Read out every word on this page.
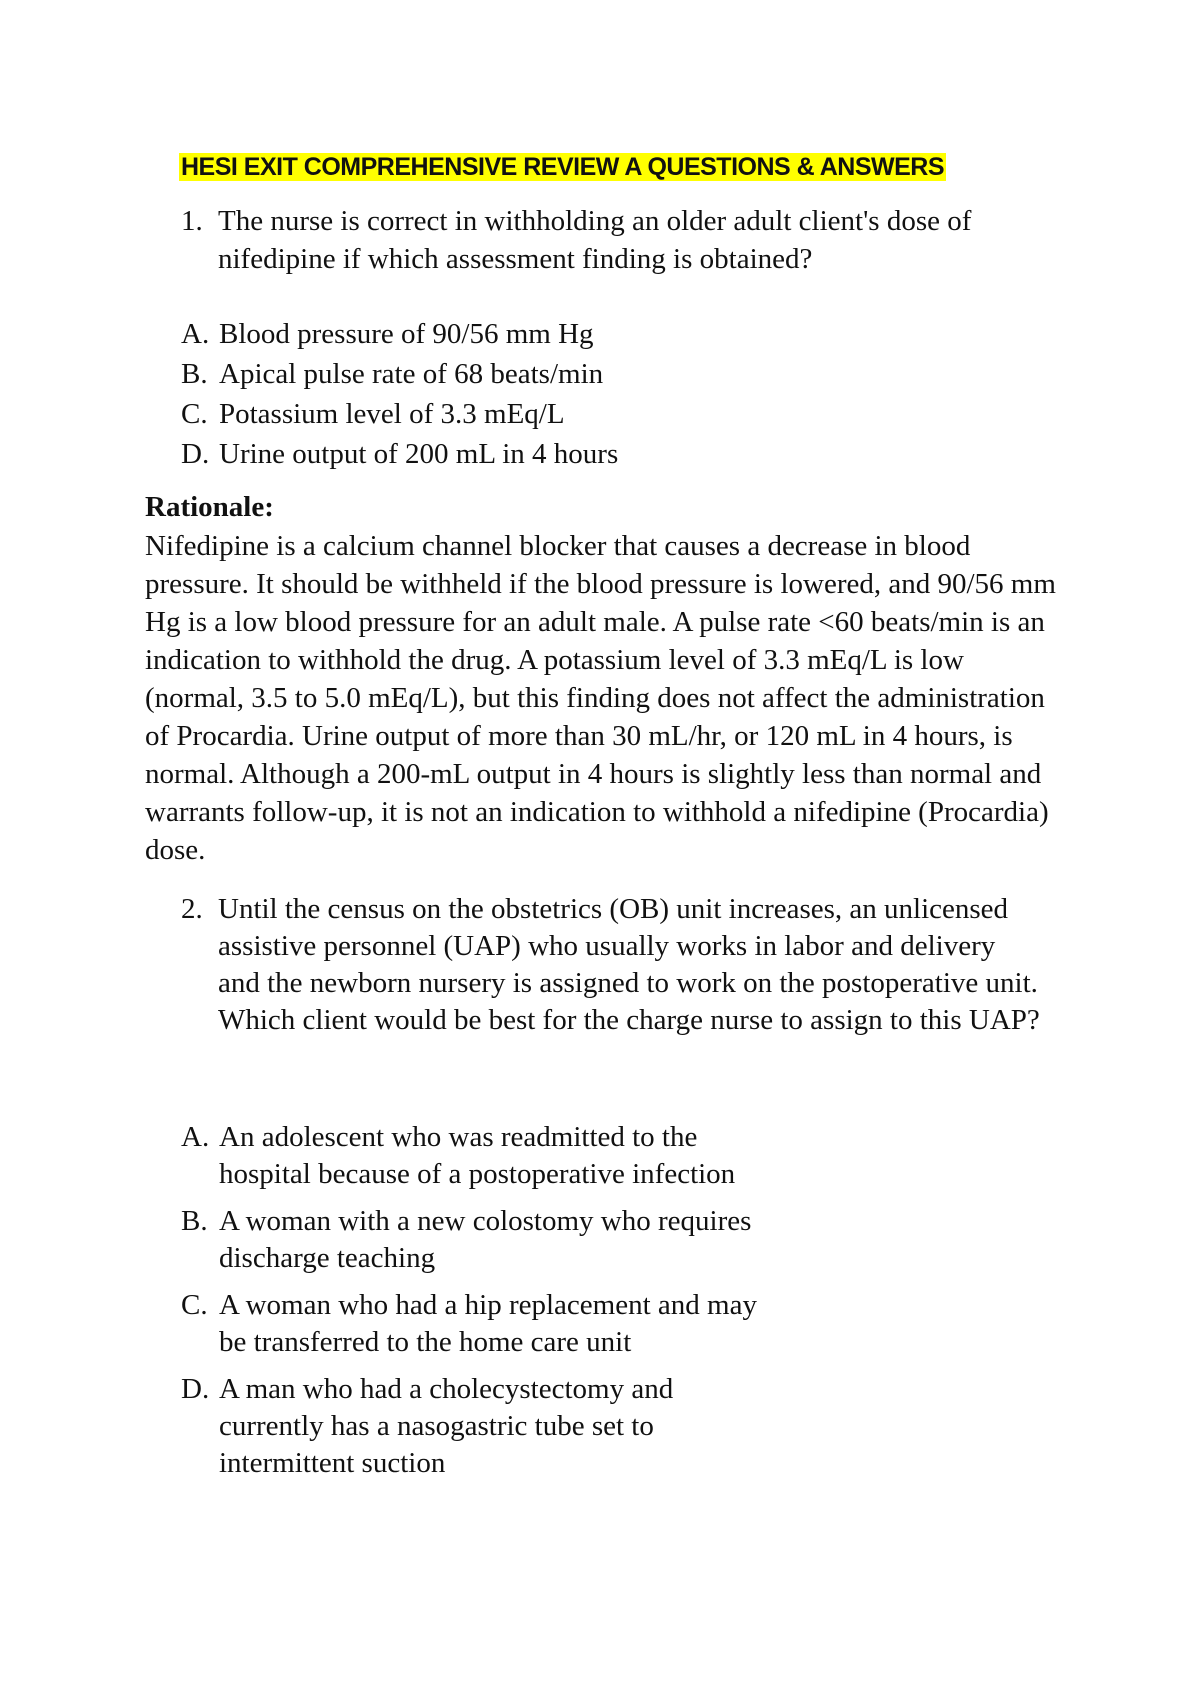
HESI EXIT COMPREHENSIVE REVIEW A QUESTIONS & ANSWERS
1. The nurse is correct in withholding an older adult client's dose of nifedipine if which assessment finding is obtained?
A. Blood pressure of 90/56 mm Hg
B. Apical pulse rate of 68 beats/min
C. Potassium level of 3.3 mEq/L
D. Urine output of 200 mL in 4 hours
Rationale:
Nifedipine is a calcium channel blocker that causes a decrease in blood pressure. It should be withheld if the blood pressure is lowered, and 90/56 mm Hg is a low blood pressure for an adult male. A pulse rate <60 beats/min is an indication to withhold the drug. A potassium level of 3.3 mEq/L is low (normal, 3.5 to 5.0 mEq/L), but this finding does not affect the administration of Procardia. Urine output of more than 30 mL/hr, or 120 mL in 4 hours, is normal. Although a 200-mL output in 4 hours is slightly less than normal and warrants follow-up, it is not an indication to withhold a nifedipine (Procardia) dose.
2. Until the census on the obstetrics (OB) unit increases, an unlicensed assistive personnel (UAP) who usually works in labor and delivery and the newborn nursery is assigned to work on the postoperative unit. Which client would be best for the charge nurse to assign to this UAP?
A. An adolescent who was readmitted to the hospital because of a postoperative infection
B. A woman with a new colostomy who requires discharge teaching
C. A woman who had a hip replacement and may be transferred to the home care unit
D. A man who had a cholecystectomy and currently has a nasogastric tube set to intermittent suction
